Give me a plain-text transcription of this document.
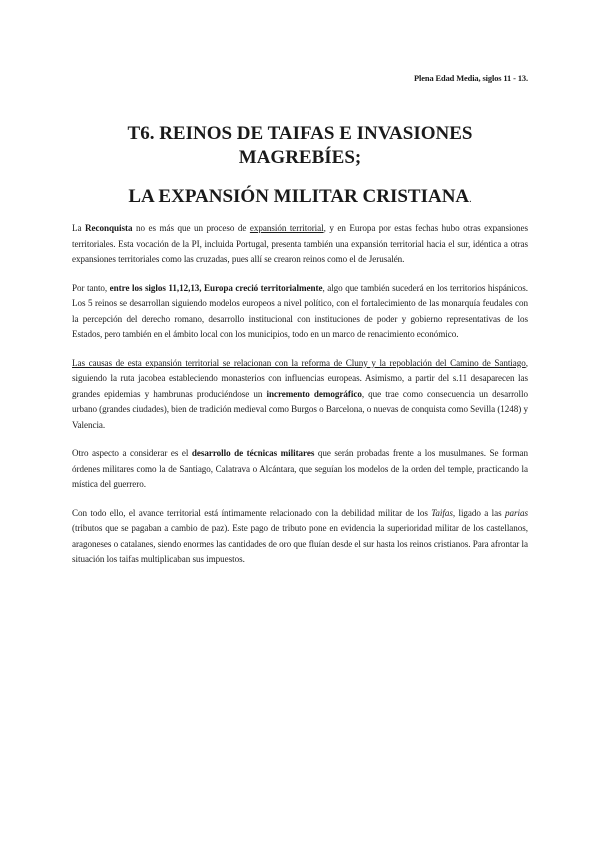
Plena Edad Media, siglos 11 - 13.
T6. REINOS DE TAIFAS E INVASIONES MAGREBÍES;
LA EXPANSIÓN MILITAR CRISTIANA.

La Reconquista no es más que un proceso de expansión territorial, y en Europa por estas fechas hubo otras expansiones territoriales. Esta vocación de la PI, incluida Portugal, presenta también una expansión territorial hacia el sur, idéntica a otras expansiones territoriales como las cruzadas, pues allí se crearon reinos como el de Jerusalén.

Por tanto, entre los siglos 11,12,13, Europa creció territorialmente, algo que también sucederá en los territorios hispánicos. Los 5 reinos se desarrollan siguiendo modelos europeos a nivel político, con el fortalecimiento de las monarquía feudales con la percepción del derecho romano, desarrollo institucional con instituciones de poder y gobierno representativas de los Estados, pero también en el ámbito local con los municipios, todo en un marco de renacimiento económico.

Las causas de esta expansión territorial se relacionan con la reforma de Cluny y la repoblación del Camino de Santiago, siguiendo la ruta jacobea estableciendo monasterios con influencias europeas. Asimismo, a partir del s.11 desaparecen las grandes epidemias y hambrunas produciéndose un incremento demográfico, que trae como consecuencia un desarrollo urbano (grandes ciudades), bien de tradición medieval como Burgos o Barcelona, o nuevas de conquista como Sevilla (1248) y Valencia.

Otro aspecto a considerar es el desarrollo de técnicas militares que serán probadas frente a los musulmanes. Se forman órdenes militares como la de Santiago, Calatrava o Alcántara, que seguían los modelos de la orden del temple, practicando la mística del guerrero.

Con todo ello, el avance territorial está íntimamente relacionado con la debilidad militar de los Taifas, ligado a las parias (tributos que se pagaban a cambio de paz). Este pago de tributo pone en evidencia la superioridad militar de los castellanos, aragoneses o catalanes, siendo enormes las cantidades de oro que fluían desde el sur hasta los reinos cristianos. Para afrontar la situación los taifas multiplicaban sus impuestos.
